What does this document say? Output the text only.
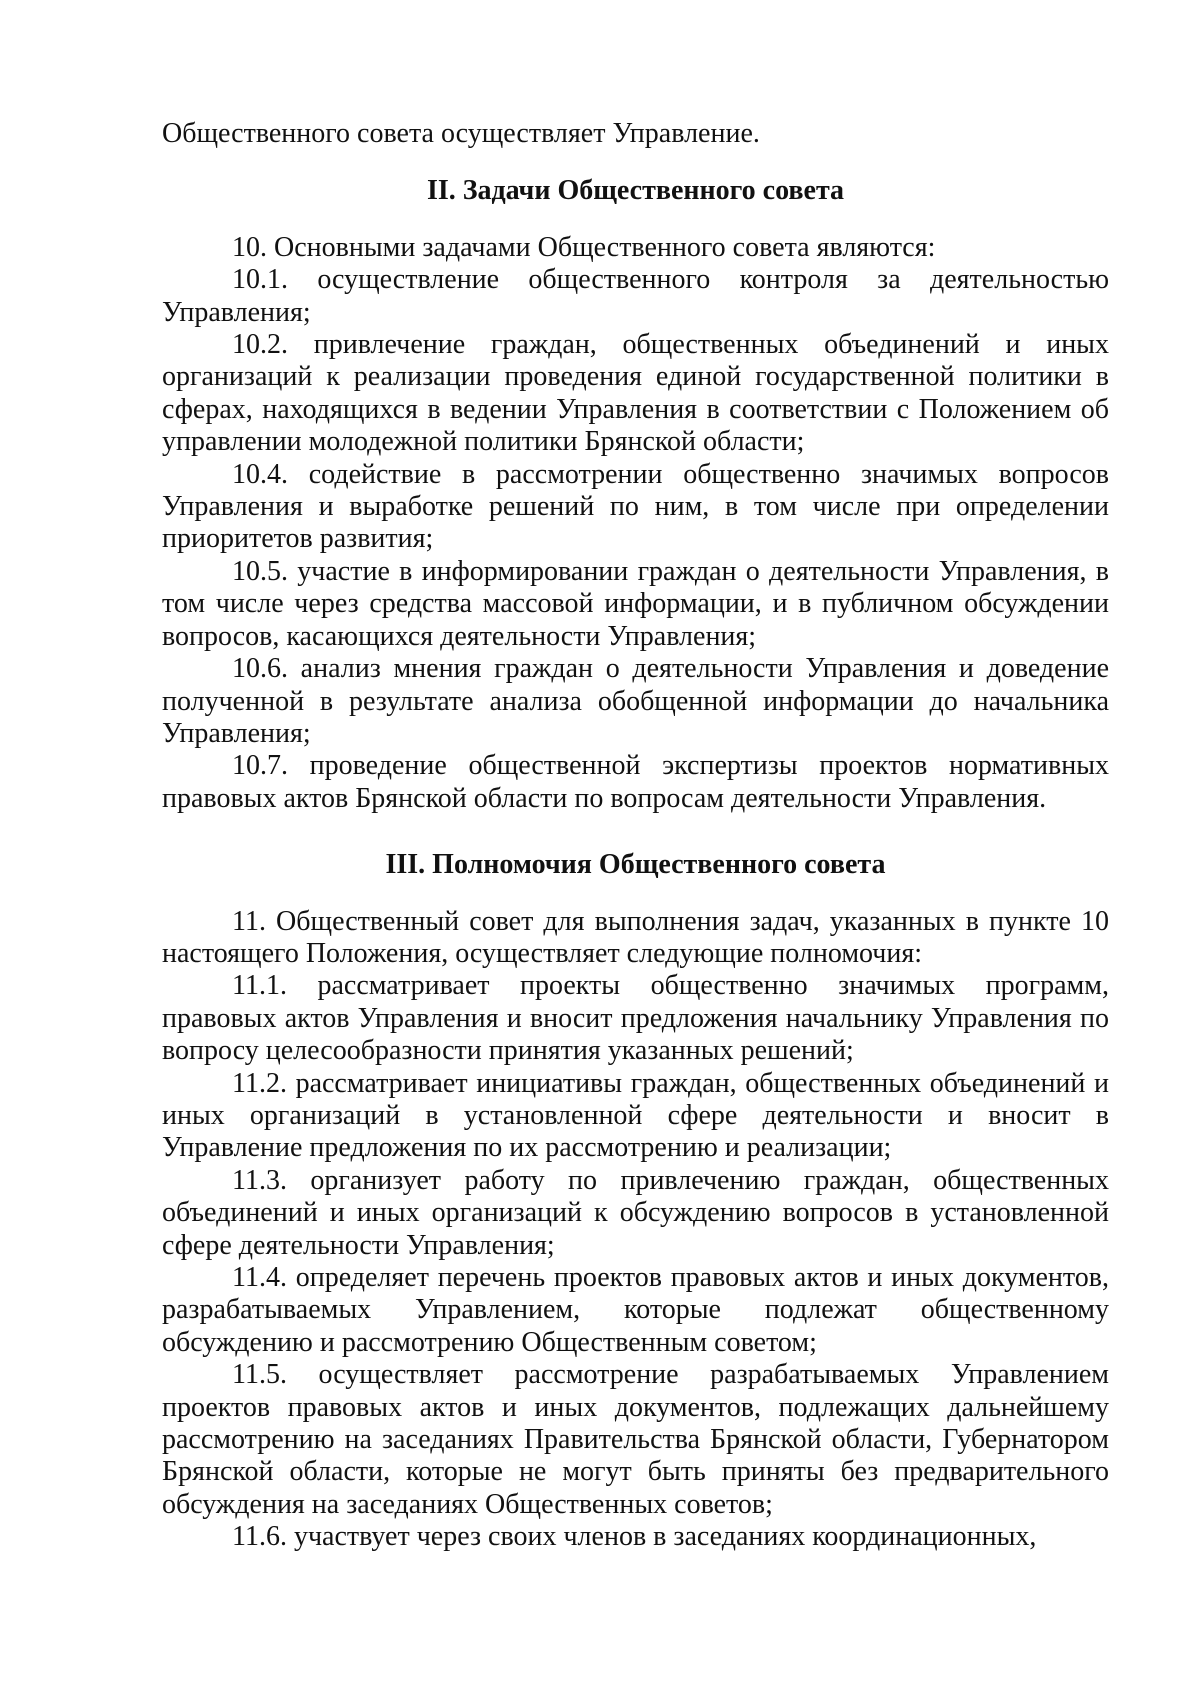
Общественного совета осуществляет Управление.

II. Задачи Общественного совета

10. Основными задачами Общественного совета являются:

10.1. осуществление общественного контроля за деятельностью Управления;

10.2. привлечение граждан, общественных объединений и иных организаций к реализации проведения единой государственной политики в сферах, находящихся в ведении Управления в соответствии с Положением об управлении молодежной политики Брянской области;

10.4. содействие в рассмотрении общественно значимых вопросов Управления и выработке решений по ним, в том числе при определении приоритетов развития;

10.5. участие в информировании граждан о деятельности Управления, в том числе через средства массовой информации, и в публичном обсуждении вопросов, касающихся деятельности Управления;

10.6. анализ мнения граждан о деятельности Управления и доведение полученной в результате анализа обобщенной информации до начальника Управления;

10.7. проведение общественной экспертизы проектов нормативных правовых актов Брянской области по вопросам деятельности Управления.

III. Полномочия Общественного совета

11. Общественный совет для выполнения задач, указанных в пункте 10 настоящего Положения, осуществляет следующие полномочия:

11.1. рассматривает проекты общественно значимых программ, правовых актов Управления и вносит предложения начальнику Управления по вопросу целесообразности принятия указанных решений;

11.2. рассматривает инициативы граждан, общественных объединений и иных организаций в установленной сфере деятельности и вносит в Управление предложения по их рассмотрению и реализации;

11.3. организует работу по привлечению граждан, общественных объединений и иных организаций к обсуждению вопросов в установленной сфере деятельности Управления;

11.4. определяет перечень проектов правовых актов и иных документов, разрабатываемых Управлением, которые подлежат общественному обсуждению и рассмотрению Общественным советом;

11.5. осуществляет рассмотрение разрабатываемых Управлением проектов правовых актов и иных документов, подлежащих дальнейшему рассмотрению на заседаниях Правительства Брянской области, Губернатором Брянской области, которые не могут быть приняты без предварительного обсуждения на заседаниях Общественных советов;

11.6. участвует через своих членов в заседаниях координационных,
